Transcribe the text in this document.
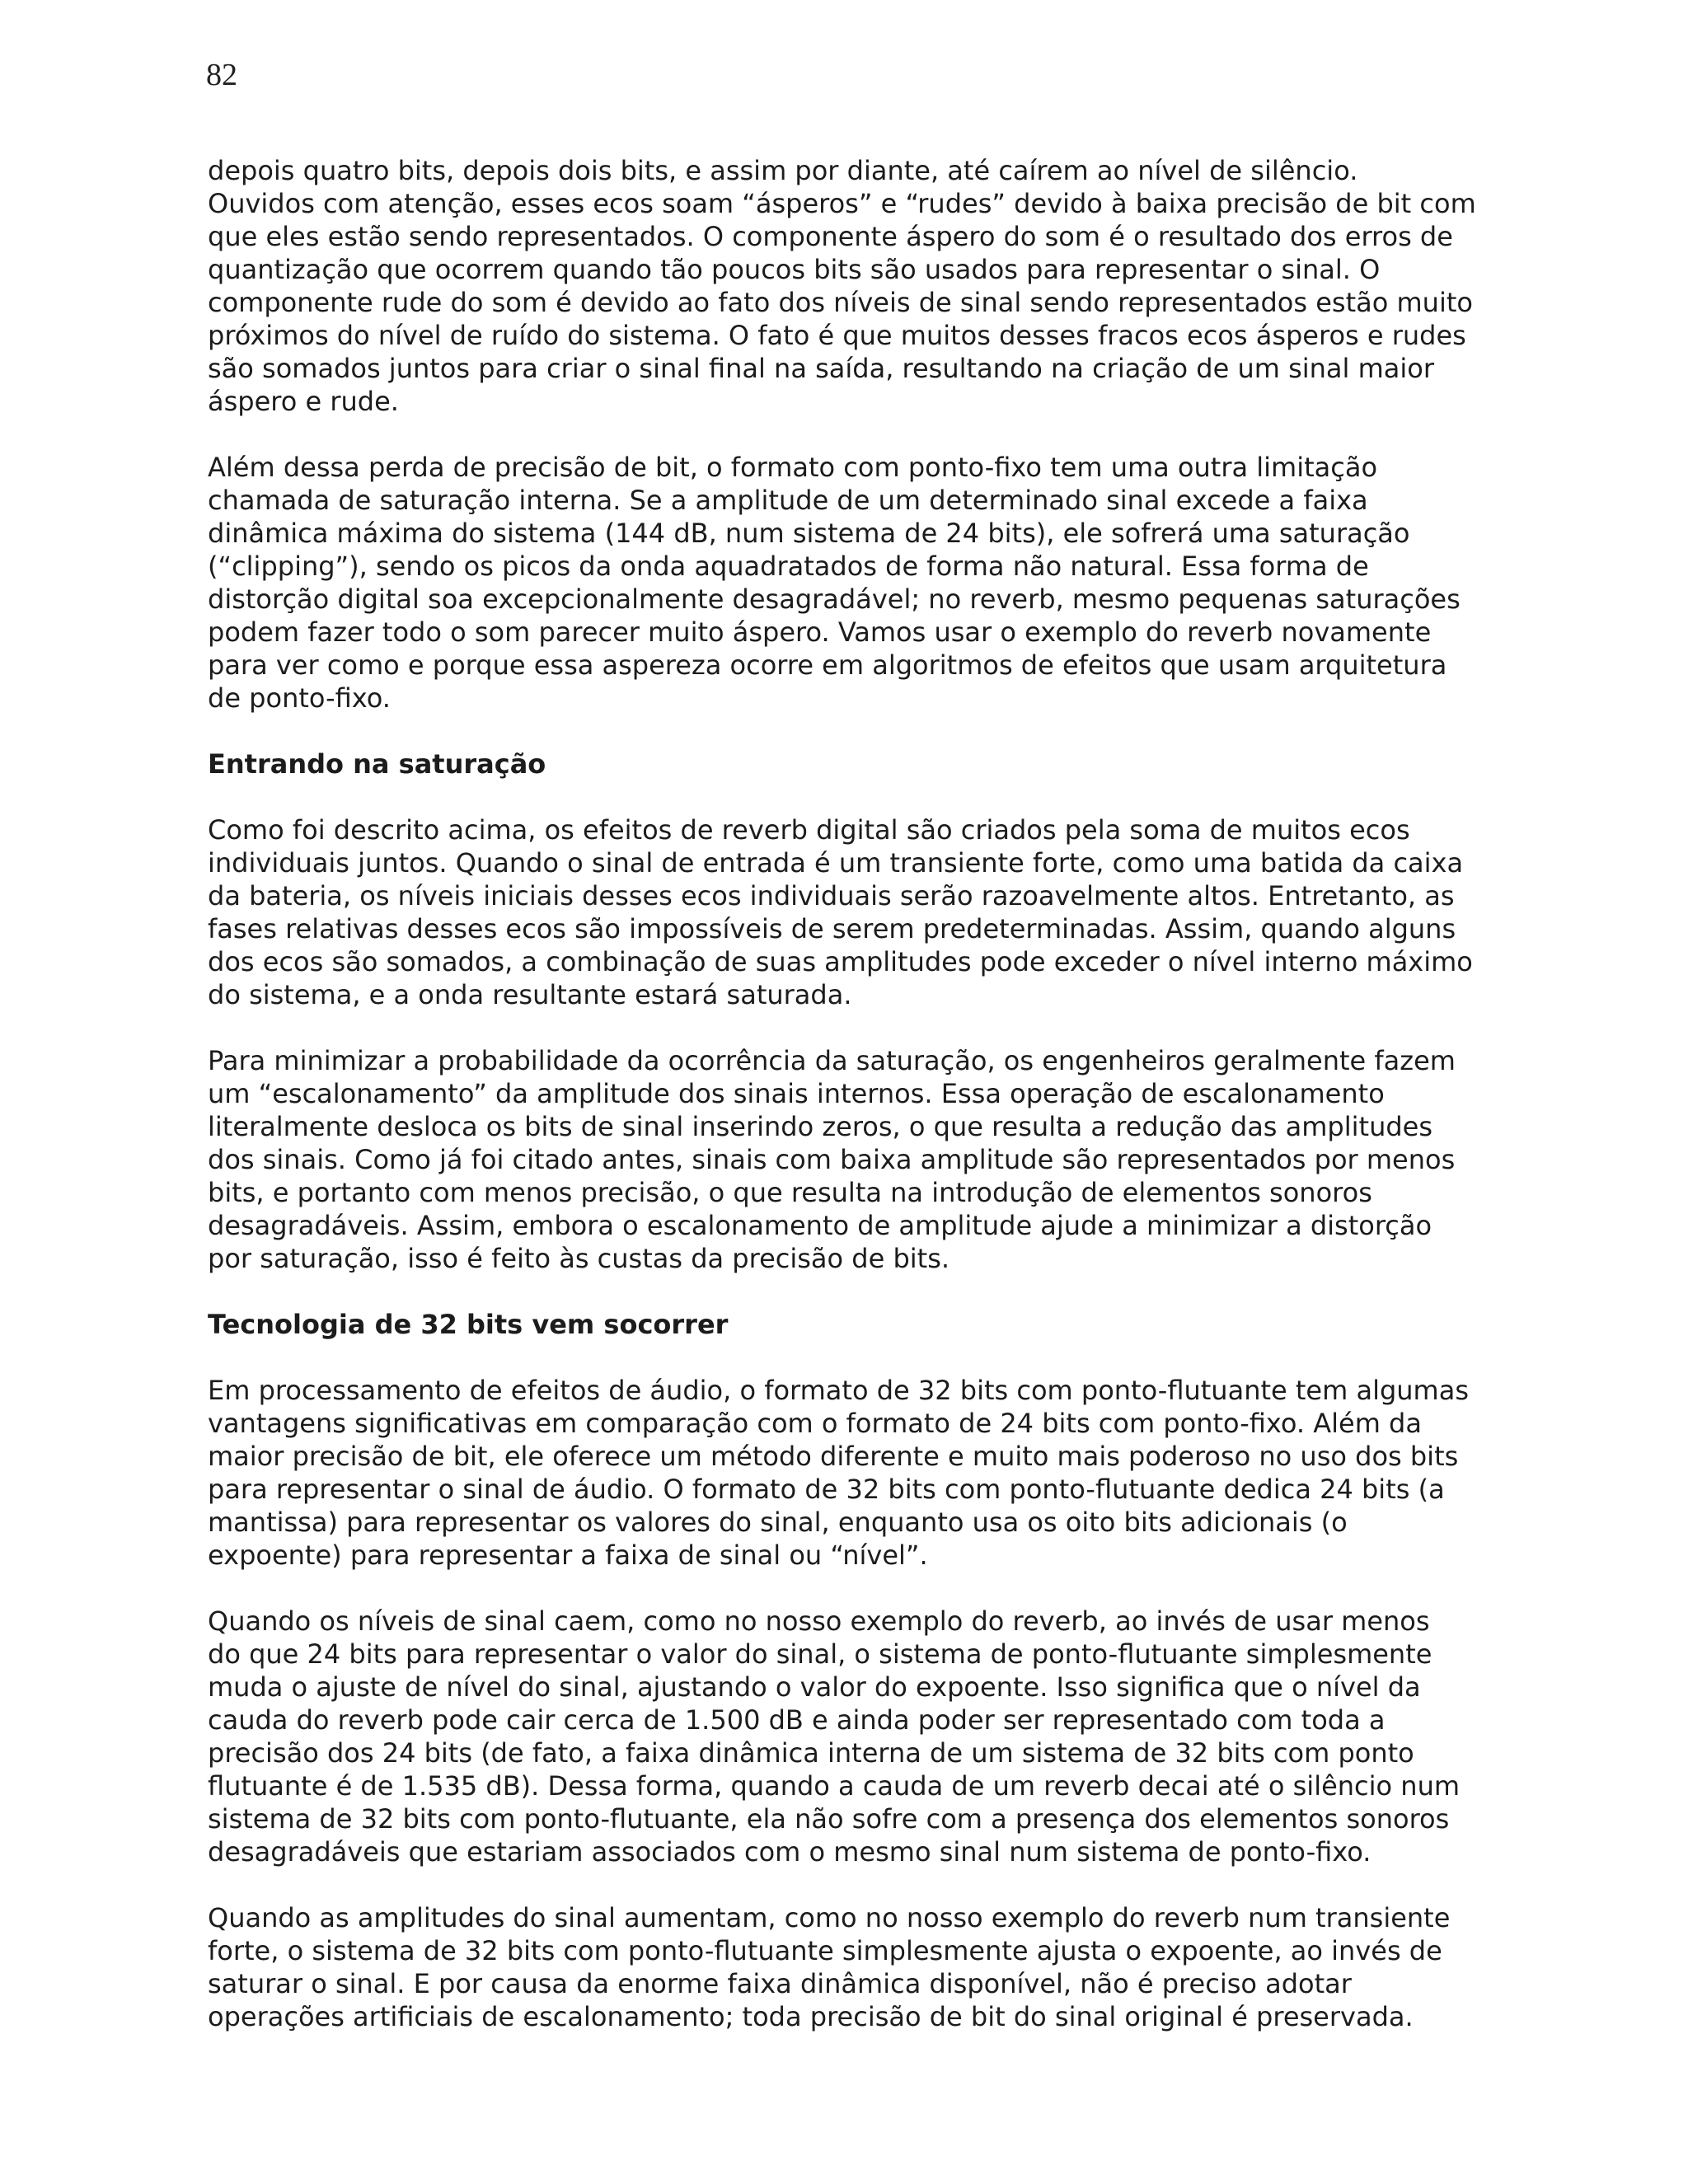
82
depois quatro bits, depois dois bits, e assim por diante, até caírem ao nível de silêncio.
Ouvidos com atenção, esses ecos soam “ásperos” e “rudes” devido à baixa precisão de bit com
que eles estão sendo representados. O componente áspero do som é o resultado dos erros de
quantização que ocorrem quando tão poucos bits são usados para representar o sinal. O
componente rude do som é devido ao fato dos níveis de sinal sendo representados estão muito
próximos do nível de ruído do sistema. O fato é que muitos desses fracos ecos ásperos e rudes
são somados juntos para criar o sinal final na saída, resultando na criação de um sinal maior
áspero e rude.
Além dessa perda de precisão de bit, o formato com ponto-fixo tem uma outra limitação
chamada de saturação interna. Se a amplitude de um determinado sinal excede a faixa
dinâmica máxima do sistema (144 dB, num sistema de 24 bits), ele sofrerá uma saturação
(“clipping”), sendo os picos da onda aquadratados de forma não natural. Essa forma de
distorção digital soa excepcionalmente desagradável; no reverb, mesmo pequenas saturações
podem fazer todo o som parecer muito áspero. Vamos usar o exemplo do reverb novamente
para ver como e porque essa aspereza ocorre em algoritmos de efeitos que usam arquitetura
de ponto-fixo.
Entrando na saturação
Como foi descrito acima, os efeitos de reverb digital são criados pela soma de muitos ecos
individuais juntos. Quando o sinal de entrada é um transiente forte, como uma batida da caixa
da bateria, os níveis iniciais desses ecos individuais serão razoavelmente altos. Entretanto, as
fases relativas desses ecos são impossíveis de serem predeterminadas. Assim, quando alguns
dos ecos são somados, a combinação de suas amplitudes pode exceder o nível interno máximo
do sistema, e a onda resultante estará saturada.
Para minimizar a probabilidade da ocorrência da saturação, os engenheiros geralmente fazem
um “escalonamento” da amplitude dos sinais internos. Essa operação de escalonamento
literalmente desloca os bits de sinal inserindo zeros, o que resulta a redução das amplitudes
dos sinais. Como já foi citado antes, sinais com baixa amplitude são representados por menos
bits, e portanto com menos precisão, o que resulta na introdução de elementos sonoros
desagradáveis. Assim, embora o escalonamento de amplitude ajude a minimizar a distorção
por saturação, isso é feito às custas da precisão de bits.
Tecnologia de 32 bits vem socorrer
Em processamento de efeitos de áudio, o formato de 32 bits com ponto-flutuante tem algumas
vantagens significativas em comparação com o formato de 24 bits com ponto-fixo. Além da
maior precisão de bit, ele oferece um método diferente e muito mais poderoso no uso dos bits
para representar o sinal de áudio. O formato de 32 bits com ponto-flutuante dedica 24 bits (a
mantissa) para representar os valores do sinal, enquanto usa os oito bits adicionais (o
expoente) para representar a faixa de sinal ou “nível”.
Quando os níveis de sinal caem, como no nosso exemplo do reverb, ao invés de usar menos
do que 24 bits para representar o valor do sinal, o sistema de ponto-flutuante simplesmente
muda o ajuste de nível do sinal, ajustando o valor do expoente. Isso significa que o nível da
cauda do reverb pode cair cerca de 1.500 dB e ainda poder ser representado com toda a
precisão dos 24 bits (de fato, a faixa dinâmica interna de um sistema de 32 bits com ponto
flutuante é de 1.535 dB). Dessa forma, quando a cauda de um reverb decai até o silêncio num
sistema de 32 bits com ponto-flutuante, ela não sofre com a presença dos elementos sonoros
desagradáveis que estariam associados com o mesmo sinal num sistema de ponto-fixo.
Quando as amplitudes do sinal aumentam, como no nosso exemplo do reverb num transiente
forte, o sistema de 32 bits com ponto-flutuante simplesmente ajusta o expoente, ao invés de
saturar o sinal. E por causa da enorme faixa dinâmica disponível, não é preciso adotar
operações artificiais de escalonamento; toda precisão de bit do sinal original é preservada.
